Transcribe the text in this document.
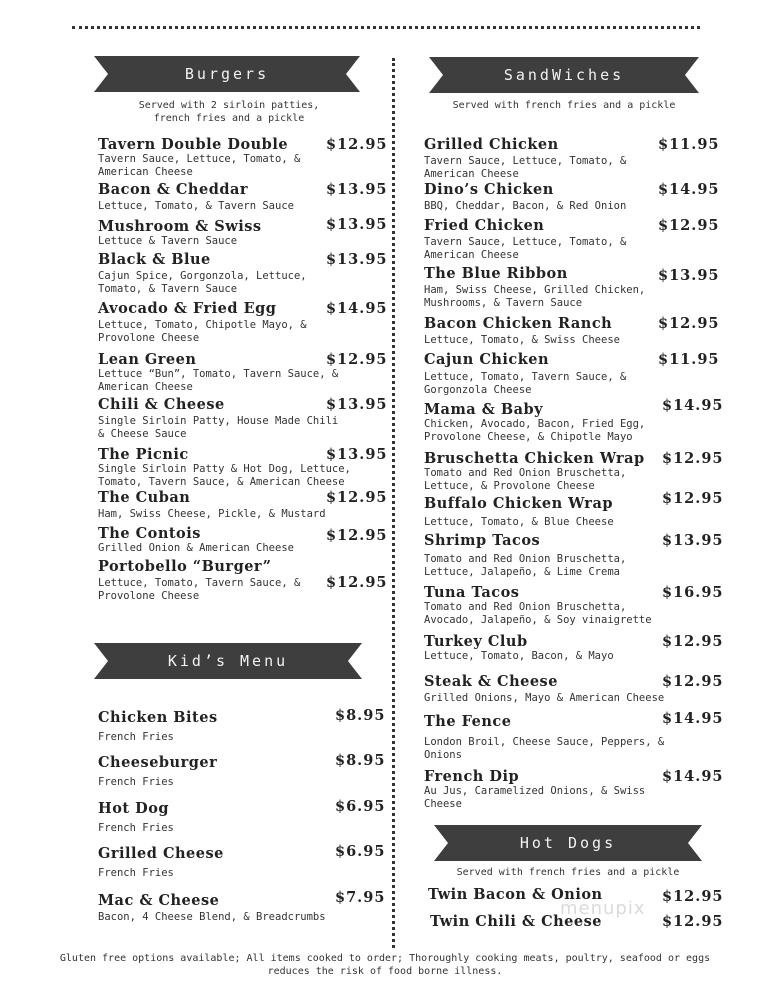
Burgers
Served with 2 sirloin patties,
french fries and a pickle
Tavern Double Double
Tavern Sauce, Lettuce, Tomato, &
American Cheese
$12.95
Bacon & Cheddar
Lettuce, Tomato, & Tavern Sauce
$13.95
Mushroom & Swiss
Lettuce & Tavern Sauce
$13.95
Black & Blue
Cajun Spice, Gorgonzola, Lettuce,
Tomato, & Tavern Sauce
$13.95
Avocado & Fried Egg
Lettuce, Tomato, Chipotle Mayo, &
Provolone Cheese
$14.95
Lean Green
Lettuce “Bun”, Tomato, Tavern Sauce, &
American Cheese
$12.95
Chili & Cheese
Single Sirloin Patty, House Made Chili
& Cheese Sauce
$13.95
The Picnic
Single Sirloin Patty & Hot Dog, Lettuce,
Tomato, Tavern Sauce, & American Cheese
$13.95
The Cuban
Ham, Swiss Cheese, Pickle, & Mustard
$12.95
The Contois
Grilled Onion & American Cheese
$12.95
Portobello “Burger”
Lettuce, Tomato, Tavern Sauce, &
Provolone Cheese
$12.95
Kid’s Menu
Chicken Bites
French Fries
$8.95
Cheeseburger
French Fries
$8.95
Hot Dog
French Fries
$6.95
Grilled Cheese
French Fries
$6.95
Mac & Cheese
Bacon, 4 Cheese Blend, & Breadcrumbs
$7.95
SandWiches
Served with french fries and a pickle
Grilled Chicken
Tavern Sauce, Lettuce, Tomato, &
American Cheese
$11.95
Dino’s Chicken
BBQ, Cheddar, Bacon, & Red Onion
$14.95
Fried Chicken
Tavern Sauce, Lettuce, Tomato, &
American Cheese
$12.95
The Blue Ribbon
Ham, Swiss Cheese, Grilled Chicken,
Mushrooms, & Tavern Sauce
$13.95
Bacon Chicken Ranch
Lettuce, Tomato, & Swiss Cheese
$12.95
Cajun Chicken
Lettuce, Tomato, Tavern Sauce, &
Gorgonzola Cheese
$11.95
Mama & Baby
Chicken, Avocado, Bacon, Fried Egg,
Provolone Cheese, & Chipotle Mayo
$14.95
Bruschetta Chicken Wrap
Tomato and Red Onion Bruschetta,
Lettuce, & Provolone Cheese
$12.95
Buffalo Chicken Wrap
Lettuce, Tomato, & Blue Cheese
$12.95
Shrimp Tacos
Tomato and Red Onion Bruschetta,
Lettuce, Jalapeño, & Lime Crema
$13.95
Tuna Tacos
Tomato and Red Onion Bruschetta,
Avocado, Jalapeño, & Soy vinaigrette
$16.95
Turkey Club
Lettuce, Tomato, Bacon, & Mayo
$12.95
Steak & Cheese
Grilled Onions, Mayo & American Cheese
$12.95
The Fence
London Broil, Cheese Sauce, Peppers, &
Onions
$14.95
French Dip
Au Jus, Caramelized Onions, & Swiss
Cheese
$14.95
Hot Dogs
Served with french fries and a pickle
Twin Bacon & Onion	$12.95
Twin Chili & Cheese	$12.95
menupix
Gluten free options available; All items cooked to order; Thoroughly cooking meats, poultry, seafood or eggs
reduces the risk of food borne illness.
